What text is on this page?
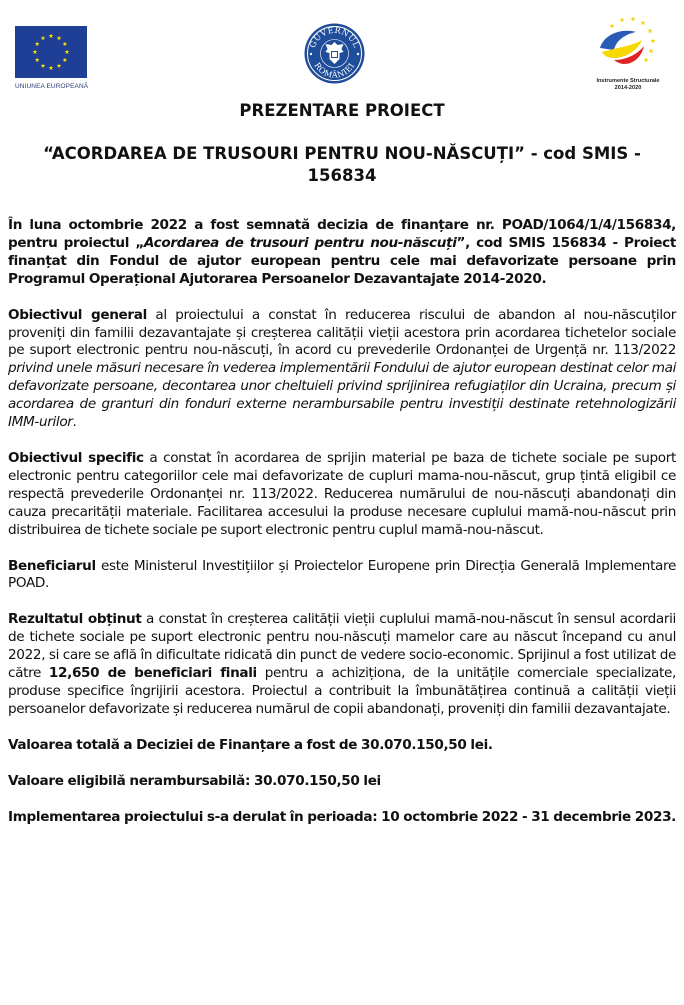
UNIUNEA EUROPEANĂ
GUVERNUL
ROMÂNIEI
Instrumente Structurale
2014-2020
PREZENTARE PROIECT
“ACORDAREA DE TRUSOURI PENTRU NOU-NĂSCUȚI” - cod SMIS - 156834

În luna octombrie 2022 a fost semnată decizia de finanțare nr. POAD/1064/1/4/156834, pentru proiectul „Acordarea de trusouri pentru nou-născuți”, cod SMIS 156834 - Proiect finanțat din Fondul de ajutor european pentru cele mai defavorizate persoane prin Programul Operațional Ajutorarea Persoanelor Dezavantajate 2014-2020.

Obiectivul general al proiectului a constat în reducerea riscului de abandon al nou-născuților proveniți din familii dezavantajate și creșterea calității vieții acestora prin acordarea tichetelor sociale pe suport electronic pentru nou-născuți, în acord cu prevederile Ordonanței de Urgență nr. 113/2022 privind unele măsuri necesare în vederea implementării Fondului de ajutor european destinat celor mai defavorizate persoane, decontarea unor cheltuieli privind sprijinirea refugiaților din Ucraina, precum și acordarea de granturi din fonduri externe nerambursabile pentru investiții destinate retehnologizării IMM-urilor.

Obiectivul specific a constat în acordarea de sprijin material pe baza de tichete sociale pe suport electronic pentru categoriilor cele mai defavorizate de cupluri mama-nou-născut, grup țintă eligibil ce respectă prevederile Ordonanței nr. 113/2022. Reducerea numărului de nou-născuți abandonați din cauza precarității materiale. Facilitarea accesului la produse necesare cuplului mamă-nou-născut prin distribuirea de tichete sociale pe suport electronic pentru cuplul mamă-nou-născut.

Beneficiarul este Ministerul Investițiilor și Proiectelor Europene prin Direcția Generală Implementare POAD.

Rezultatul obținut a constat în creșterea calității vieții cuplului mamă-nou-născut în sensul acordarii de tichete sociale pe suport electronic pentru nou-născuți mamelor care au născut începand cu anul 2022, si care se află în dificultate ridicată din punct de vedere socio-economic. Sprijinul a fost utilizat de către 12,650 de beneficiari finali pentru a achiziționa, de la unitățile comerciale specializate, produse specifice îngrijirii acestora. Proiectul a contribuit la îmbunătățirea continuă a calității vieții persoanelor defavorizate și reducerea numărul de copii abandonați, proveniți din familii dezavantajate.

Valoarea totală a Deciziei de Finanțare a fost de 30.070.150,50 lei.

Valoare eligibilă nerambursabilă: 30.070.150,50 lei

Implementarea proiectului s-a derulat în perioada: 10 octombrie 2022 - 31 decembrie 2023.
